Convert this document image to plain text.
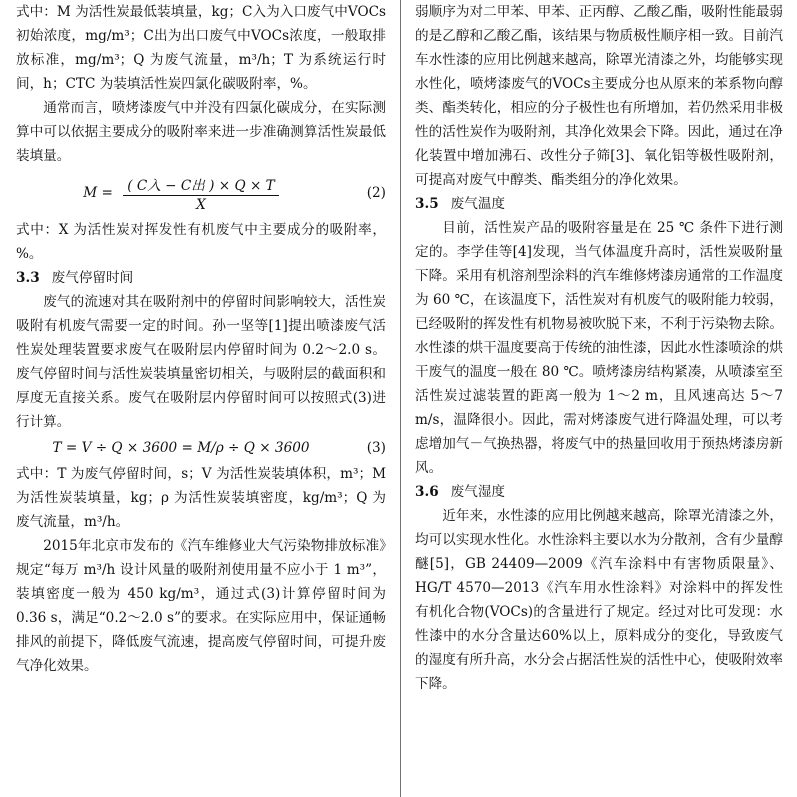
式中：M 为活性炭最低装填量，kg；C入为入口废气中VOCs初始浓度，mg/m³；C出为出口废气中VOCs浓度，一般取排放标准，mg/m³；Q 为废气流量，m³/h；T 为系统运行时间，h；CTC 为装填活性炭四氯化碳吸附率，%。

通常而言，喷烤漆废气中并没有四氯化碳成分，在实际测算中可以依据主要成分的吸附率来进一步准确测算活性炭最低装填量。

$M = \frac{\text{( C入 − C出 ) × Q × T}}{X}$	(2)

式中：X 为活性炭对挥发性有机废气中主要成分的吸附率，%。

3.3 废气停留时间

废气的流速对其在吸附剂中的停留时间影响较大，活性炭吸附有机废气需要一定的时间。孙一坚等[1]提出喷漆废气活性炭处理装置要求废气在吸附层内停留时间为 0.2～2.0 s。废气停留时间与活性炭装填量密切相关，与吸附层的截面积和厚度无直接关系。废气在吸附层内停留时间可以按照式(3)进行计算。

T = V ÷ Q × 3600 = M/ρ ÷ Q × 3600	(3)

式中：T 为废气停留时间，s；V 为活性炭装填体积，m³；M 为活性炭装填量，kg；ρ 为活性炭装填密度，kg/m³；Q 为废气流量，m³/h。

2015年北京市发布的《汽车维修业大气污染物排放标准》规定“每万 m³/h 设计风量的吸附剂使用量不应小于 1 m³”，装填密度一般为 450 kg/m³，通过式(3)计算停留时间为 0.36 s，满足“0.2～2.0 s”的要求。在实际应用中，保证通畅排风的前提下，降低废气流速，提高废气停留时间，可提升废气净化效果。

弱顺序为对二甲苯、甲苯、正丙醇、乙酸乙酯，吸附性能最弱的是乙醇和乙酸乙酯，该结果与物质极性顺序相一致。目前汽车水性漆的应用比例越来越高，除罩光清漆之外，均能够实现水性化，喷烤漆废气的VOCs主要成分也从原来的苯系物向醇类、酯类转化，相应的分子极性也有所增加，若仍然采用非极性的活性炭作为吸附剂，其净化效果会下降。因此，通过在净化装置中增加沸石、改性分子筛[3]、氧化铝等极性吸附剂，可提高对废气中醇类、酯类组分的净化效果。

3.5 废气温度

目前，活性炭产品的吸附容量是在 25 ℃ 条件下进行测定的。李学佳等[4]发现，当气体温度升高时，活性炭吸附量下降。采用有机溶剂型涂料的汽车维修烤漆房通常的工作温度为 60 ℃，在该温度下，活性炭对有机废气的吸附能力较弱，已经吸附的挥发性有机物易被吹脱下来，不利于污染物去除。水性漆的烘干温度要高于传统的油性漆，因此水性漆喷涂的烘干废气的温度一般在 80 ℃。喷烤漆房结构紧凑，从喷漆室至活性炭过滤装置的距离一般为 1～2 m，且风速高达 5～7 m/s，温降很小。因此，需对烤漆废气进行降温处理，可以考虑增加气－气换热器，将废气中的热量回收用于预热烤漆房新风。

3.6 废气湿度

近年来，水性漆的应用比例越来越高，除罩光清漆之外，均可以实现水性化。水性涂料主要以水为分散剂，含有少量醇醚[5]，GB 24409—2009《汽车涂料中有害物质限量》、HG/T 4570—2013《汽车用水性涂料》对涂料中的挥发性有机化合物(VOCs)的含量进行了规定。经过对比可发现：水性漆中的水分含量达60%以上，原料成分的变化，导致废气的湿度有所升高，水分会占据活性炭的活性中心，使吸附效率下降。
